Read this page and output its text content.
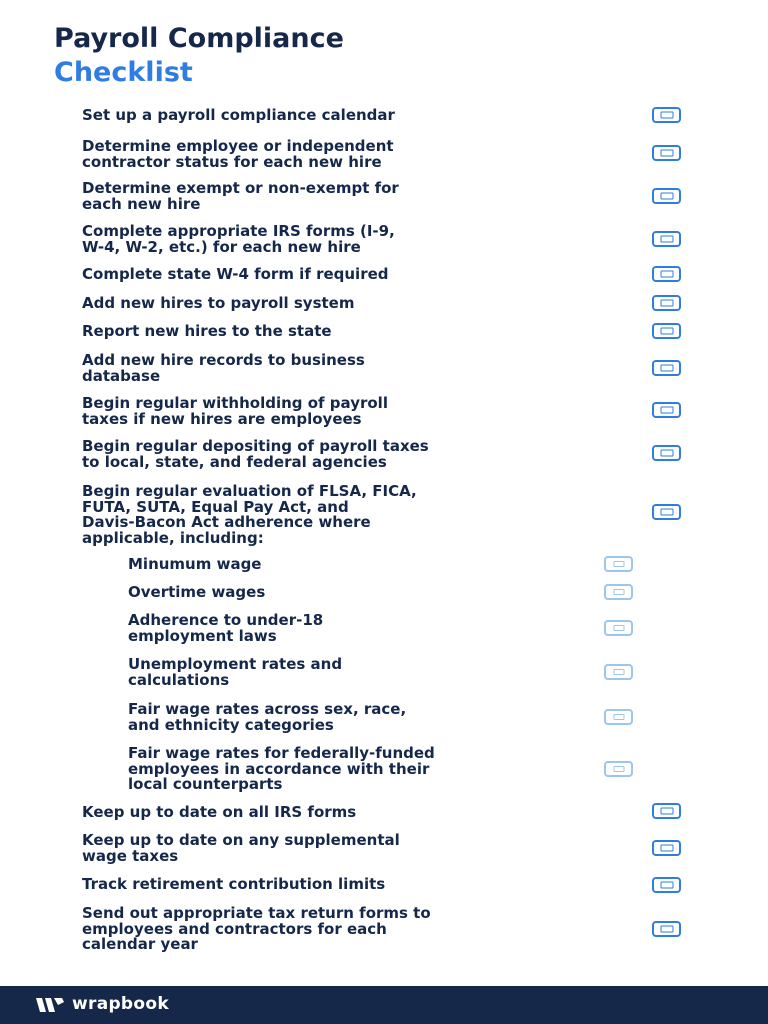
Payroll Compliance
Checklist
Set up a payroll compliance calendar
Determine employee or independent
contractor status for each new hire
Determine exempt or non-exempt for
each new hire
Complete appropriate IRS forms (I-9,
W-4, W-2, etc.) for each new hire
Complete state W-4 form if required
Add new hires to payroll system
Report new hires to the state
Add new hire records to business
database
Begin regular withholding of payroll
taxes if new hires are employees
Begin regular depositing of payroll taxes
to local, state, and federal agencies
Begin regular evaluation of FLSA, FICA,
FUTA, SUTA, Equal Pay Act, and
Davis-Bacon Act adherence where
applicable, including:
Minumum wage
Overtime wages
Adherence to under-18
employment laws
Unemployment rates and
calculations
Fair wage rates across sex, race,
and ethnicity categories
Fair wage rates for federally-funded
employees in accordance with their
local counterparts
Keep up to date on all IRS forms
Keep up to date on any supplemental
wage taxes
Track retirement contribution limits
Send out appropriate tax return forms to
employees and contractors for each
calendar year
wrapbook
